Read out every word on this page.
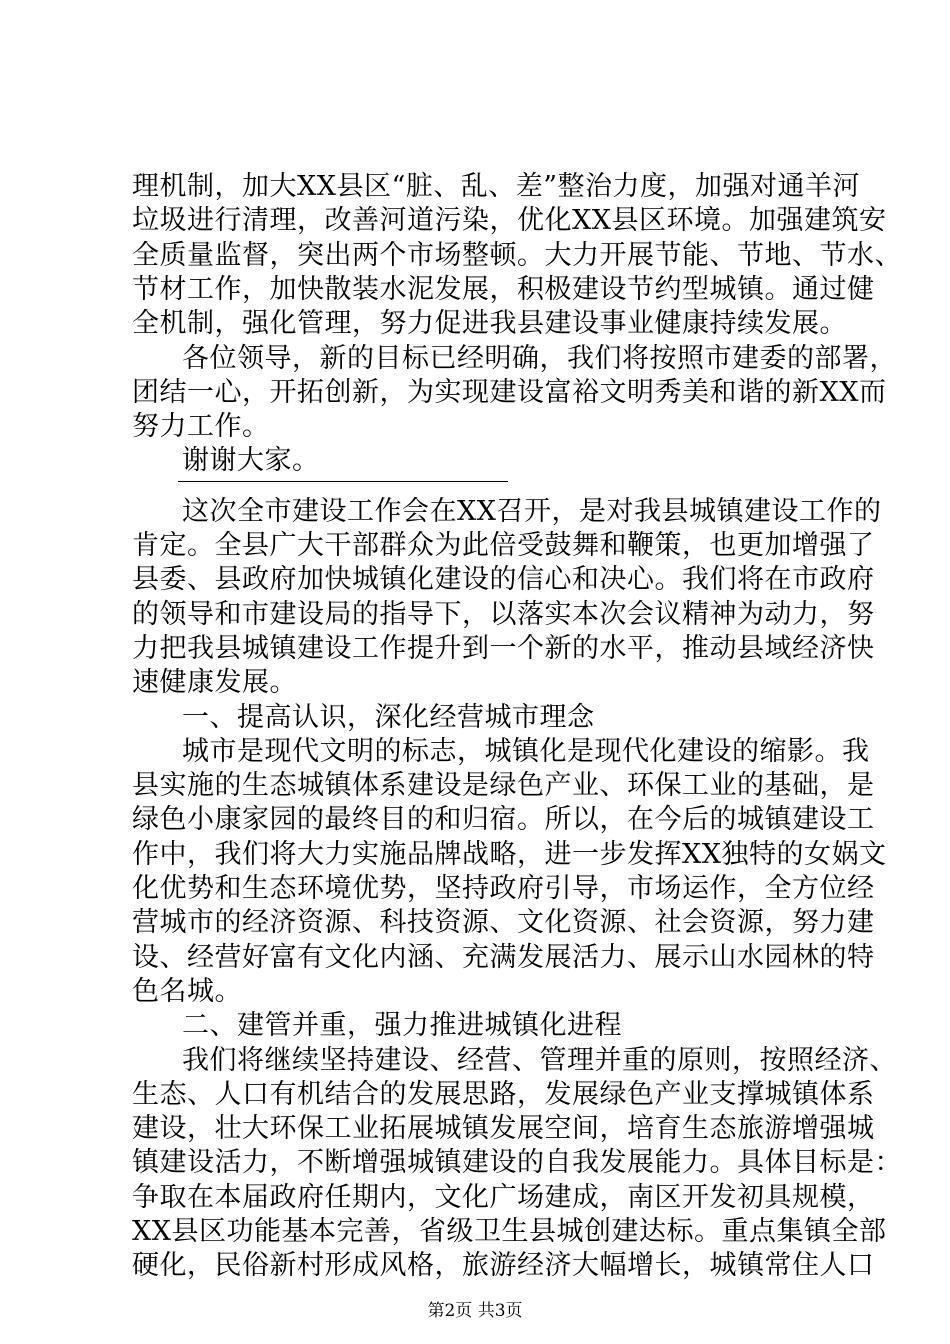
理机制，加大XX县区“脏、乱、差”整治力度，加强对通羊河
垃圾进行清理，改善河道污染，优化XX县区环境。加强建筑安
全质量监督，突出两个市场整顿。大力开展节能、节地、节水、
节材工作，加快散装水泥发展，积极建设节约型城镇。通过健
全机制，强化管理，努力促进我县建设事业健康持续发展。
各位领导，新的目标已经明确，我们将按照市建委的部署，
团结一心，开拓创新，为实现建设富裕文明秀美和谐的新XX而
努力工作。
谢谢大家。
这次全市建设工作会在XX召开，是对我县城镇建设工作的
肯定。全县广大干部群众为此倍受鼓舞和鞭策，也更加增强了
县委、县政府加快城镇化建设的信心和决心。我们将在市政府
的领导和市建设局的指导下，以落实本次会议精神为动力，努
力把我县城镇建设工作提升到一个新的水平，推动县域经济快
速健康发展。
一、提高认识，深化经营城市理念
城市是现代文明的标志，城镇化是现代化建设的缩影。我
县实施的生态城镇体系建设是绿色产业、环保工业的基础，是
绿色小康家园的最终目的和归宿。所以，在今后的城镇建设工
作中，我们将大力实施品牌战略，进一步发挥XX独特的女娲文
化优势和生态环境优势，坚持政府引导，市场运作，全方位经
营城市的经济资源、科技资源、文化资源、社会资源，努力建
设、经营好富有文化内涵、充满发展活力、展示山水园林的特
色名城。
二、建管并重，强力推进城镇化进程
我们将继续坚持建设、经营、管理并重的原则，按照经济、
生态、人口有机结合的发展思路，发展绿色产业支撑城镇体系
建设，壮大环保工业拓展城镇发展空间，培育生态旅游增强城
镇建设活力，不断增强城镇建设的自我发展能力。具体目标是：
争取在本届政府任期内，文化广场建成，南区开发初具规模，
XX县区功能基本完善，省级卫生县城创建达标。重点集镇全部
硬化，民俗新村形成风格，旅游经济大幅增长，城镇常住人口
第2页 共3页
